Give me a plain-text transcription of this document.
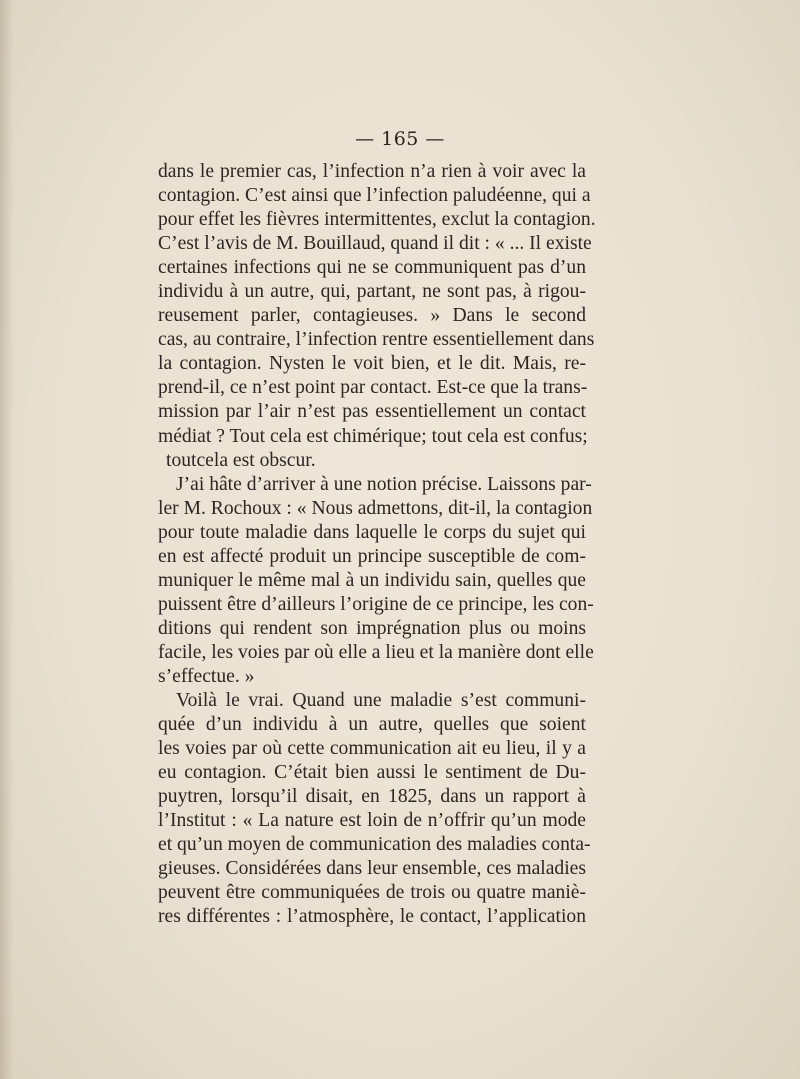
— 165 —
dans le premier cas, l’infection n’a rien à voir avec la
contagion. C’est ainsi que l’infection paludéenne, qui a
pour effet les fièvres intermittentes, exclut la contagion.
C’est l’avis de M. Bouillaud, quand il dit : « ... Il existe
certaines infections qui ne se communiquent pas d’un
individu à un autre, qui, partant, ne sont pas, à rigou-
reusement parler, contagieuses. » Dans le second
cas, au contraire, l’infection rentre essentiellement dans
la contagion. Nysten le voit bien, et le dit. Mais, re-
prend-il, ce n’est point par contact. Est-ce que la trans-
mission par l’air n’est pas essentiellement un contact
médiat ? Tout cela est chimérique; tout cela est confus;
toutcela est obscur.
J’ai hâte d’arriver à une notion précise. Laissons par-
ler M. Rochoux : « Nous admettons, dit-il, la contagion
pour toute maladie dans laquelle le corps du sujet qui
en est affecté produit un principe susceptible de com-
muniquer le même mal à un individu sain, quelles que
puissent être d’ailleurs l’origine de ce principe, les con-
ditions qui rendent son imprégnation plus ou moins
facile, les voies par où elle a lieu et la manière dont elle
s’effectue. »
Voilà le vrai. Quand une maladie s’est communi-
quée d’un individu à un autre, quelles que soient
les voies par où cette communication ait eu lieu, il y a
eu contagion. C’était bien aussi le sentiment de Du-
puytren, lorsqu’il disait, en 1825, dans un rapport à
l’Institut : « La nature est loin de n’offrir qu’un mode
et qu’un moyen de communication des maladies conta-
gieuses. Considérées dans leur ensemble, ces maladies
peuvent être communiquées de trois ou quatre maniè-
res différentes : l’atmosphère, le contact, l’application
